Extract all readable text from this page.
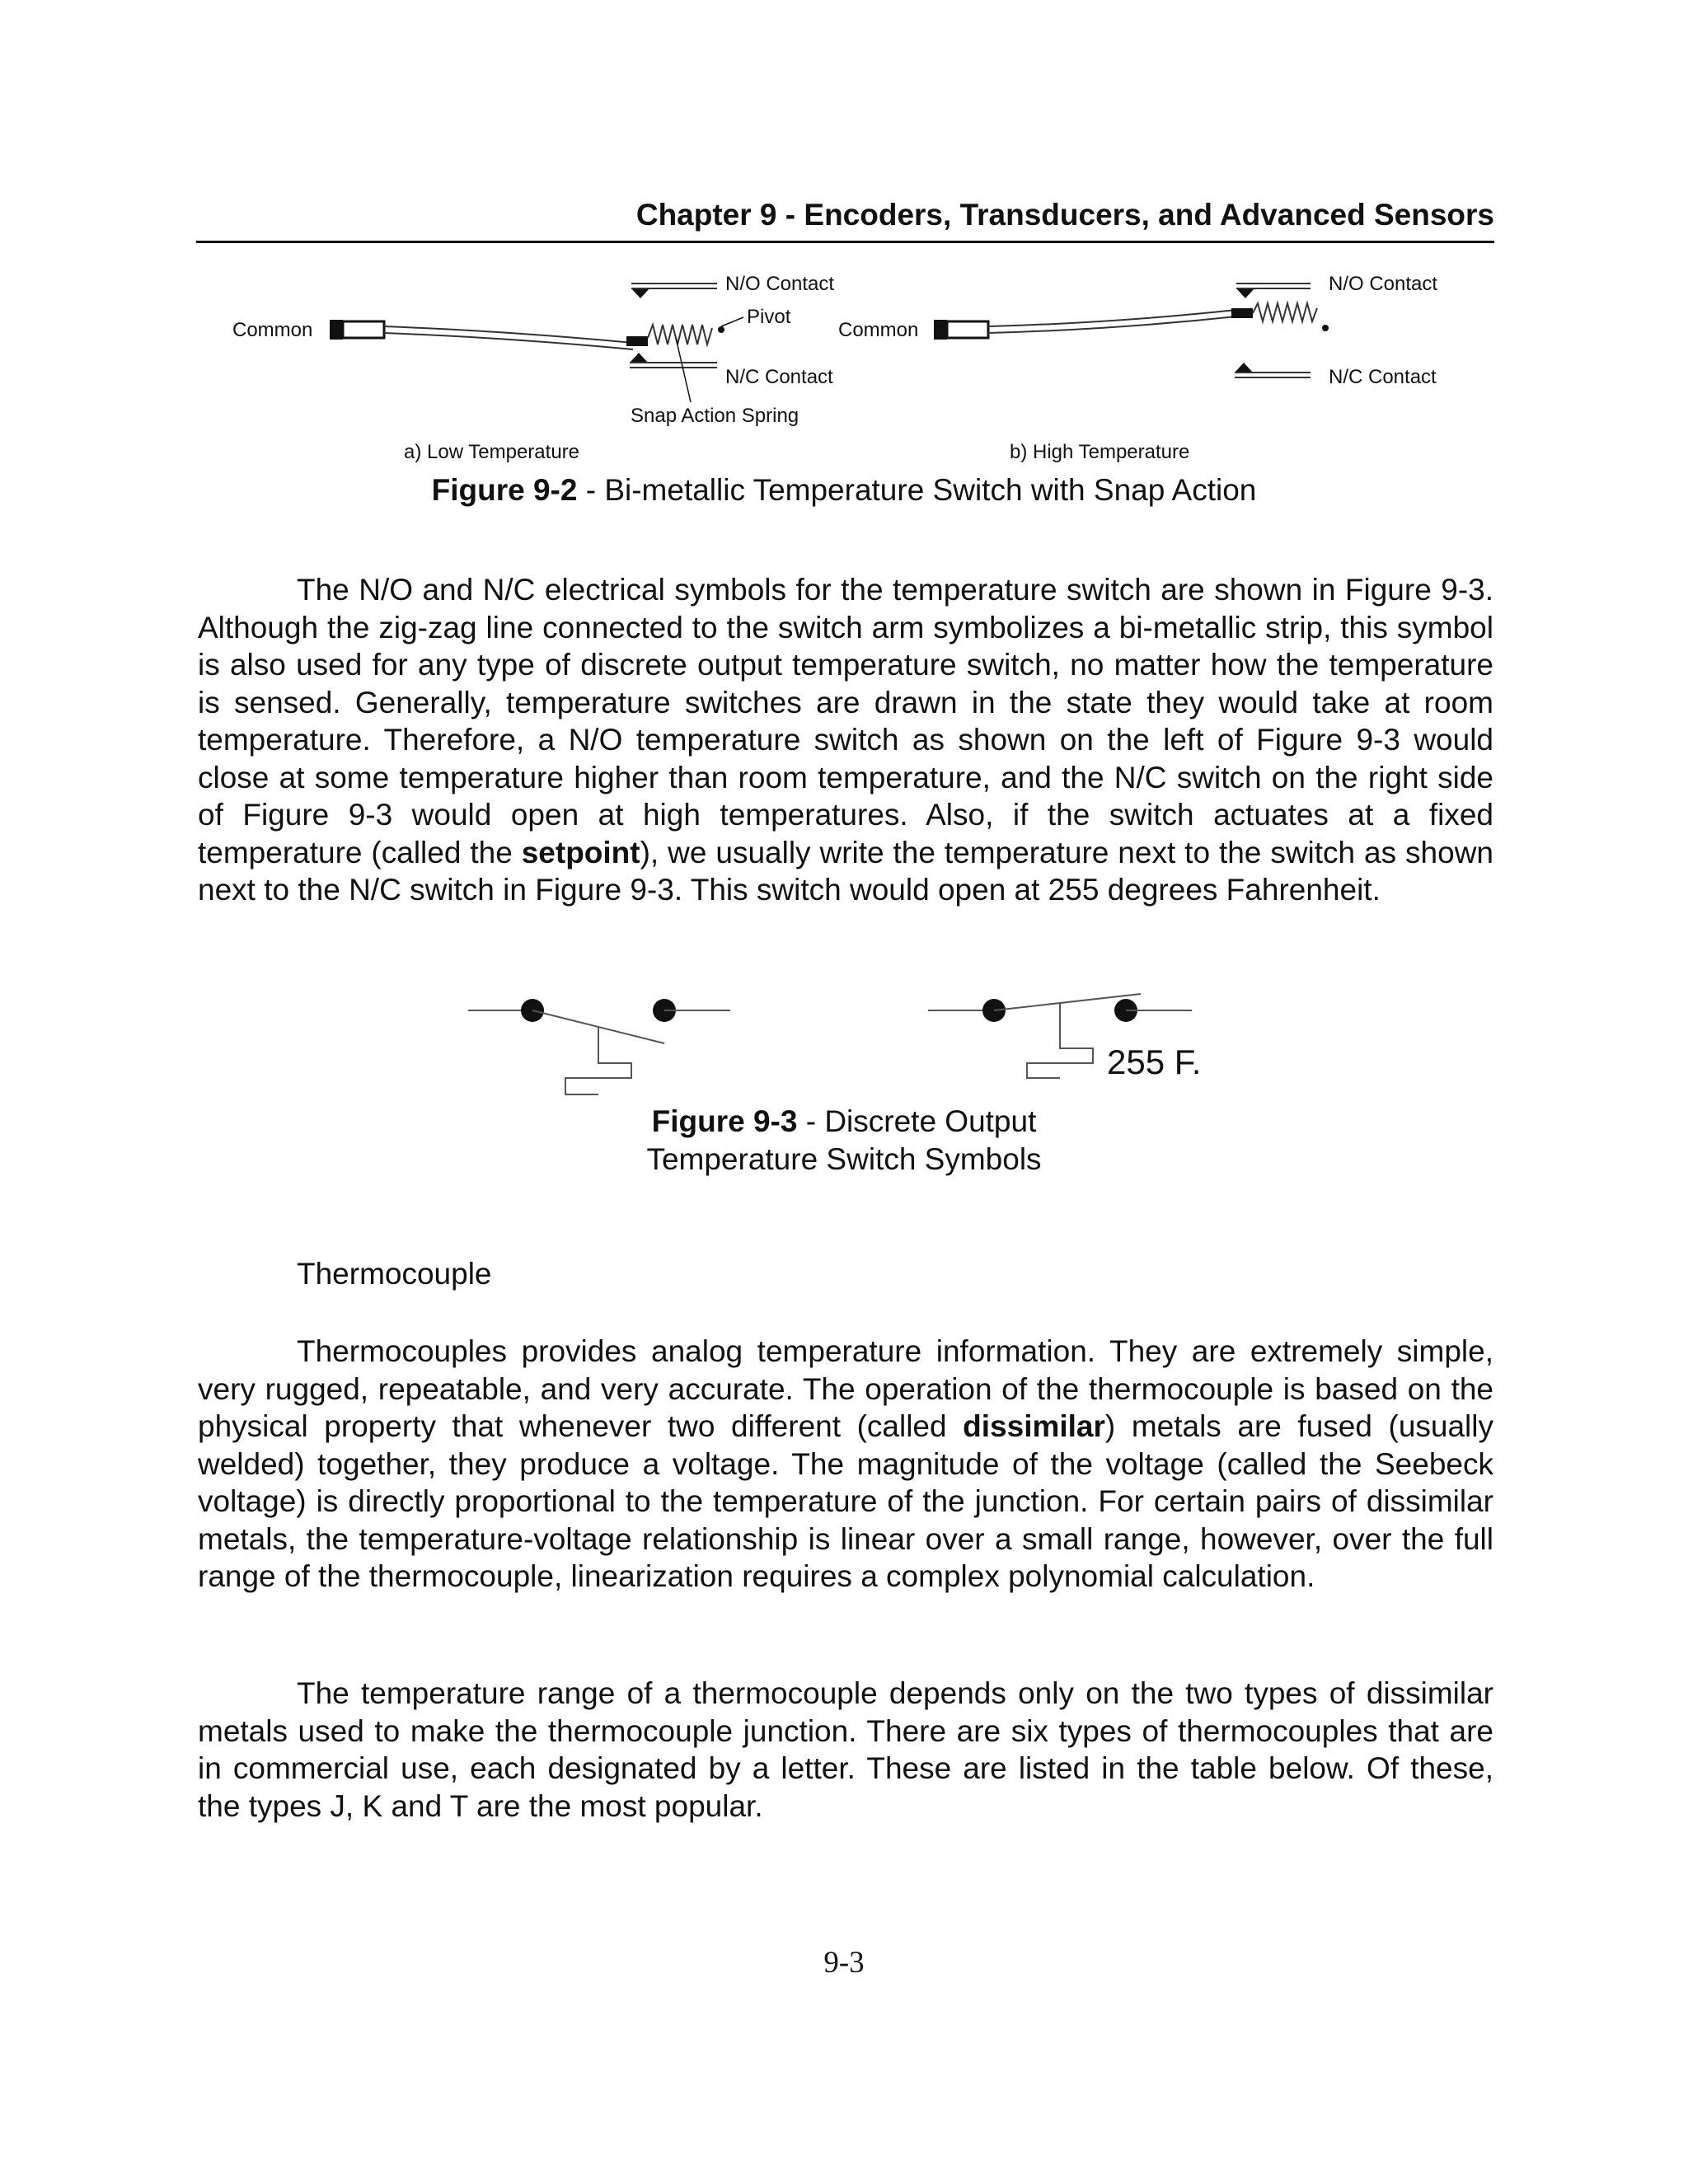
Chapter 9 - Encoders, Transducers, and Advanced Sensors
Common
N/O Contact
Pivot
N/C Contact
Snap Action Spring
a) Low Temperature
Common
N/O Contact
N/C Contact
b) High Temperature
Figure 9-2 - Bi-metallic Temperature Switch with Snap Action

The N/O and N/C electrical symbols for the temperature switch are shown in Figure 9-3. Although the zig-zag line connected to the switch arm symbolizes a bi-metallic strip, this symbol is also used for any type of discrete output temperature switch, no matter how the temperature is sensed. Generally, temperature switches are drawn in the state they would take at room temperature. Therefore, a N/O temperature switch as shown on the left of Figure 9-3 would close at some temperature higher than room temperature, and the N/C switch on the right side of Figure 9-3 would open at high temperatures. Also, if the switch actuates at a fixed temperature (called the setpoint), we usually write the temperature next to the switch as shown next to the N/C switch in Figure 9-3. This switch would open at 255 degrees Fahrenheit.

255 F.
Figure 9-3 - Discrete Output
Temperature Switch Symbols
Thermocouple

Thermocouples provides analog temperature information. They are extremely simple, very rugged, repeatable, and very accurate. The operation of the thermocouple is based on the physical property that whenever two different (called dissimilar) metals are fused (usually welded) together, they produce a voltage. The magnitude of the voltage (called the Seebeck voltage) is directly proportional to the temperature of the junction. For certain pairs of dissimilar metals, the temperature-voltage relationship is linear over a small range, however, over the full range of the thermocouple, linearization requires a complex polynomial calculation.

The temperature range of a thermocouple depends only on the two types of dissimilar metals used to make the thermocouple junction. There are six types of thermocouples that are in commercial use, each designated by a letter. These are listed in the table below. Of these, the types J, K and T are the most popular.

9-3
